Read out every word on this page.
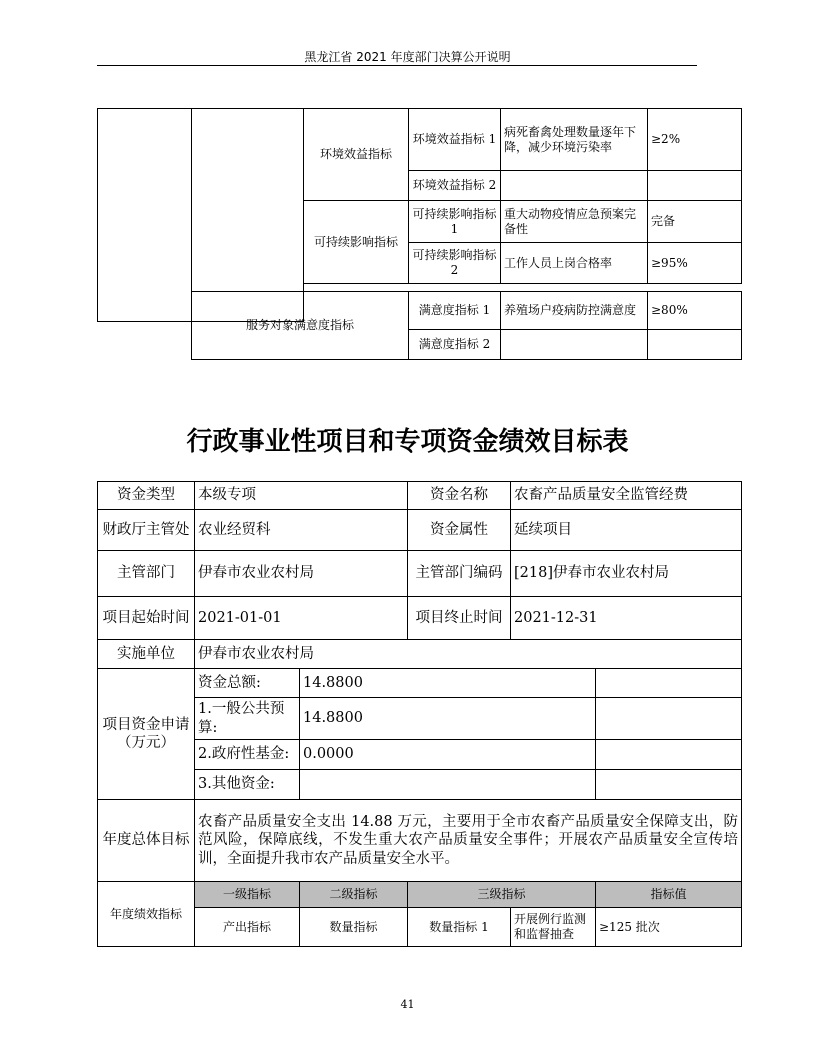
黑龙江省 2021 年度部门决算公开说明
		环境效益指标	环境效益指标 1	病死畜禽处理数量逐年下降，减少环境污染率	≥2%
			环境效益指标 2		
		可持续影响指标	可持续影响指标 1	重大动物疫情应急预案完备性	完备
			可持续影响指标 2	工作人员上岗合格率	≥95%

服务对象满意度指标	满意度指标 1	养殖场户疫病防控满意度	≥80%
	满意度指标 2		
行政事业性项目和专项资金绩效目标表
资金类型	本级专项		资金名称	农畜产品质量安全监管经费	
财政厅主管处	农业经贸科		资金属性	延续项目	
主管部门	伊春市农业农村局		主管部门编码	[218]伊春市农业农村局	
项目起始时间	2021-01-01		项目终止时间	2021-12-31	
实施单位	伊春市农业农村局				

项目资金申请
（万元）	资金总额:	14.8800			
	1.一般公共预算:	14.8800			
	2.政府性基金:	0.0000			
	3.其他资金:				
年度总体目标	农畜产品质量安全支出 14.88 万元，主要用于全市农畜产品质量安全保障支出，防范风险，保障底线，不发生重大农产品质量安全事件；开展农产品质量安全宣传培训，全面提升我市农产品质量安全水平。				
年度绩效指标	一级指标	二级指标	三级指标		指标值
	产出指标	数量指标	数量指标 1	开展例行监测和监督抽查	≥125 批次
41
